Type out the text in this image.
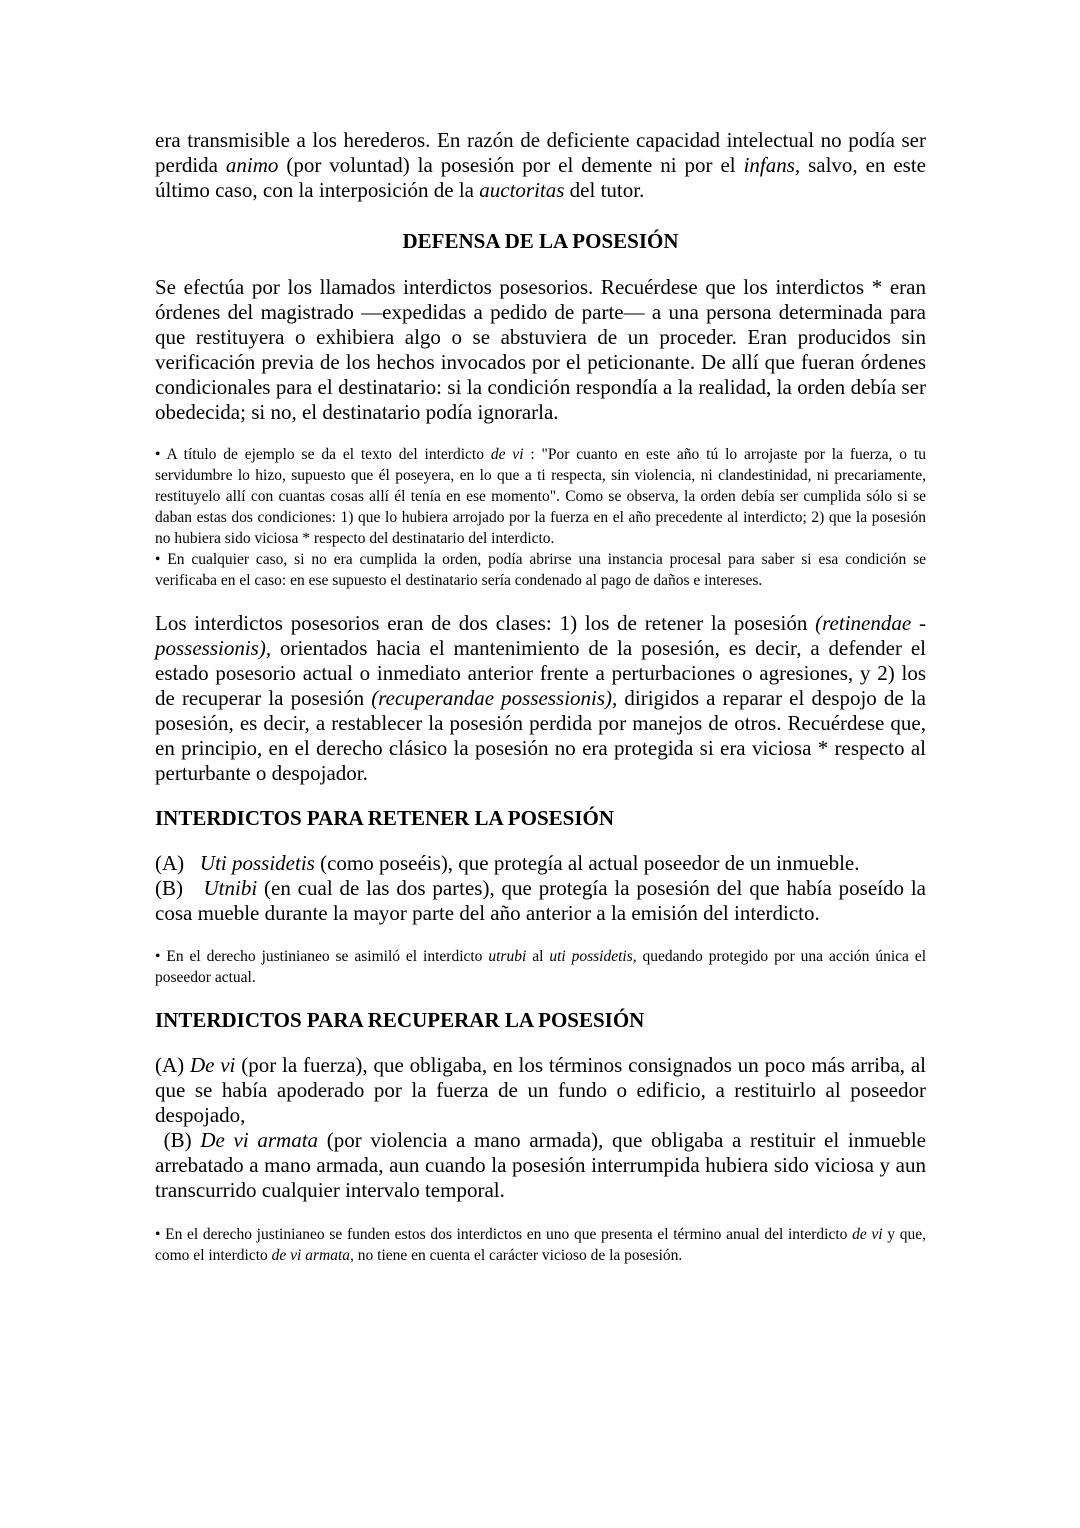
era transmisible a los herederos. En razón de deficiente capacidad intelectual no podía ser perdida animo (por voluntad) la posesión por el demente ni por el infans, salvo, en este último caso, con la interposición de la auctoritas del tutor.

DEFENSA DE LA POSESIÓN

Se efectúa por los llamados interdictos posesorios. Recuérdese que los interdictos * eran órdenes del magistrado —expedidas a pedido de parte— a una persona determinada para que restituyera o exhibiera algo o se abstuviera de un proceder. Eran producidos sin verificación previa de los hechos invocados por el peticionante. De allí que fueran órdenes condicionales para el destinatario: si la condición respondía a la realidad, la orden debía ser obedecida; si no, el destinatario podía ignorarla.

• A título de ejemplo se da el texto del interdicto de vi : "Por cuanto en este año tú lo arrojaste por la fuerza, o tu servidumbre lo hizo, supuesto que él poseyera, en lo que a ti respecta, sin violencia, ni clandestinidad, ni precariamente, restituyelo allí con cuantas cosas allí él tenía en ese momento". Como se observa, la orden debía ser cumplida sólo si se daban estas dos condiciones: 1) que lo hubiera arrojado por la fuerza en el año precedente al interdicto; 2) que la posesión no hubiera sido viciosa * respecto del destinatario del interdicto.

• En cualquier caso, si no era cumplida la orden, podía abrirse una instancia procesal para saber si esa condición se verificaba en el caso: en ese supuesto el destinatario sería condenado al pago de daños e intereses.

Los interdictos posesorios eran de dos clases: 1) los de retener la posesión (retinendae - possessionis), orientados hacia el mantenimiento de la posesión, es decir, a defender el estado posesorio actual o inmediato anterior frente a perturbaciones o agresiones, y 2) los de recuperar la posesión (recuperandae possessionis), dirigidos a reparar el despojo de la posesión, es decir, a restablecer la posesión perdida por manejos de otros. Recuérdese que, en principio, en el derecho clásico la posesión no era protegida si era viciosa * respecto al perturbante o despojador.

INTERDICTOS PARA RETENER LA POSESIÓN

(A)   Uti possidetis (como poseéis), que protegía al actual poseedor de un inmueble.

(B)   Utnibi (en cual de las dos partes), que protegía la posesión del que había poseído la cosa mueble durante la mayor parte del año anterior a la emisión del interdicto.

• En el derecho justinianeo se asimiló el interdicto utrubi al uti possidetis, quedando protegido por una acción única el poseedor actual.

INTERDICTOS PARA RECUPERAR LA POSESIÓN

(A) De vi (por la fuerza), que obligaba, en los términos consignados un poco más arriba, al que se había apoderado por la fuerza de un fundo o edificio, a restituirlo al poseedor despojado,

(B) De vi armata (por violencia a mano armada), que obligaba a restituir el inmueble arrebatado a mano armada, aun cuando la posesión interrumpida hubiera sido viciosa y aun transcurrido cualquier intervalo temporal.

• En el derecho justinianeo se funden estos dos interdictos en uno que presenta el término anual del interdicto de vi y que, como el interdicto de vi armata, no tiene en cuenta el carácter vicioso de la posesión.
